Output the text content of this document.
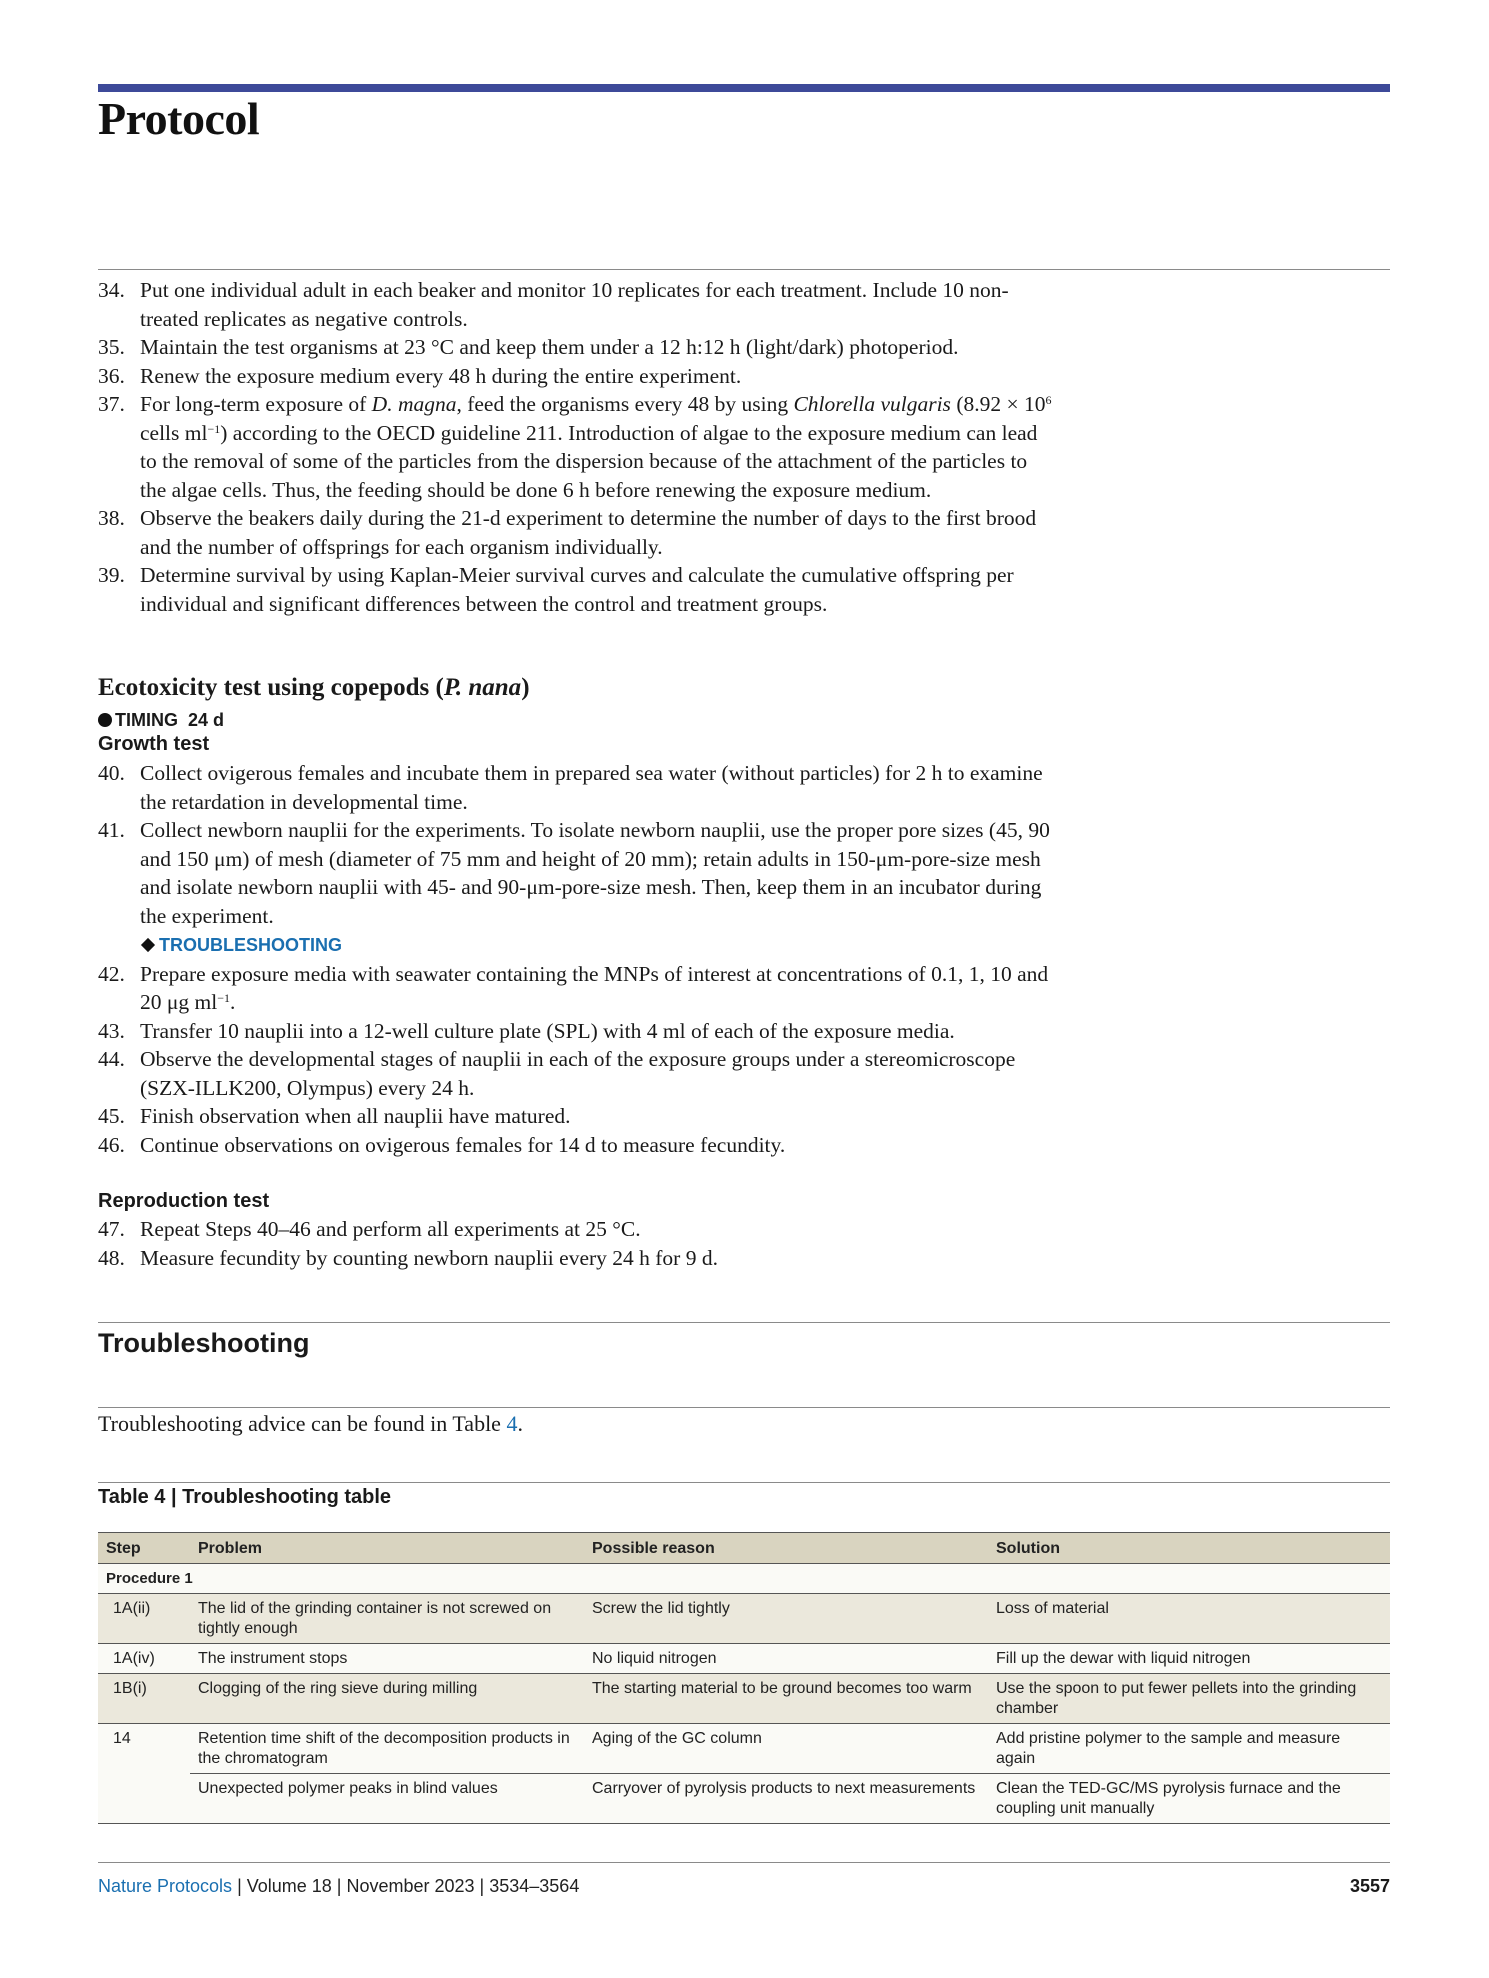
Protocol
34. Put one individual adult in each beaker and monitor 10 replicates for each treatment. Include 10 non-treated replicates as negative controls.
35. Maintain the test organisms at 23 °C and keep them under a 12 h:12 h (light/dark) photoperiod.
36. Renew the exposure medium every 48 h during the entire experiment.
37. For long-term exposure of D. magna, feed the organisms every 48 by using Chlorella vulgaris ($8.92 \times 10^6$ cells $ml^{-1}$) according to the OECD guideline 211. Introduction of algae to the exposure medium can lead to the removal of some of the particles from the dispersion because of the attachment of the particles to the algae cells. Thus, the feeding should be done 6 h before renewing the exposure medium.
38. Observe the beakers daily during the 21-d experiment to determine the number of days to the first brood and the number of offsprings for each organism individually.
39. Determine survival by using Kaplan-Meier survival curves and calculate the cumulative offspring per individual and significant differences between the control and treatment groups.
Ecotoxicity test using copepods (P. nana)
TIMING 24 d
Growth test
40. Collect ovigerous females and incubate them in prepared sea water (without particles) for 2 h to examine the retardation in developmental time.
41. Collect newborn nauplii for the experiments. To isolate newborn nauplii, use the proper pore sizes (45, 90 and 150 μm) of mesh (diameter of 75 mm and height of 20 mm); retain adults in 150-μm-pore-size mesh and isolate newborn nauplii with 45- and 90-μm-pore-size mesh. Then, keep them in an incubator during the experiment.
TROUBLESHOOTING
42. Prepare exposure media with seawater containing the MNPs of interest at concentrations of 0.1, 1, 10 and 20 μg $ml^{-1}$.
43. Transfer 10 nauplii into a 12-well culture plate (SPL) with 4 ml of each of the exposure media.
44. Observe the developmental stages of nauplii in each of the exposure groups under a stereomicroscope (SZX-ILLK200, Olympus) every 24 h.
45. Finish observation when all nauplii have matured.
46. Continue observations on ovigerous females for 14 d to measure fecundity.
Reproduction test
47. Repeat Steps 40–46 and perform all experiments at 25 °C.
48. Measure fecundity by counting newborn nauplii every 24 h for 9 d.
Troubleshooting
Troubleshooting advice can be found in Table 4.
Table 4 | Troubleshooting table
Step	Problem	Possible reason	Solution
Procedure 1			
1A(ii)	The lid of the grinding container is not screwed on tightly enough	Screw the lid tightly	Loss of material
1A(iv)	The instrument stops	No liquid nitrogen	Fill up the dewar with liquid nitrogen
1B(i)	Clogging of the ring sieve during milling	The starting material to be ground becomes too warm	Use the spoon to put fewer pellets into the grinding chamber
14	Retention time shift of the decomposition products in the chromatogram	Aging of the GC column	Add pristine polymer to the sample and measure again
	Unexpected polymer peaks in blind values	Carryover of pyrolysis products to next measurements	Clean the TED-GC/MS pyrolysis furnace and the coupling unit manually
Nature Protocols | Volume 18 | November 2023 | 3534–3564	3557
